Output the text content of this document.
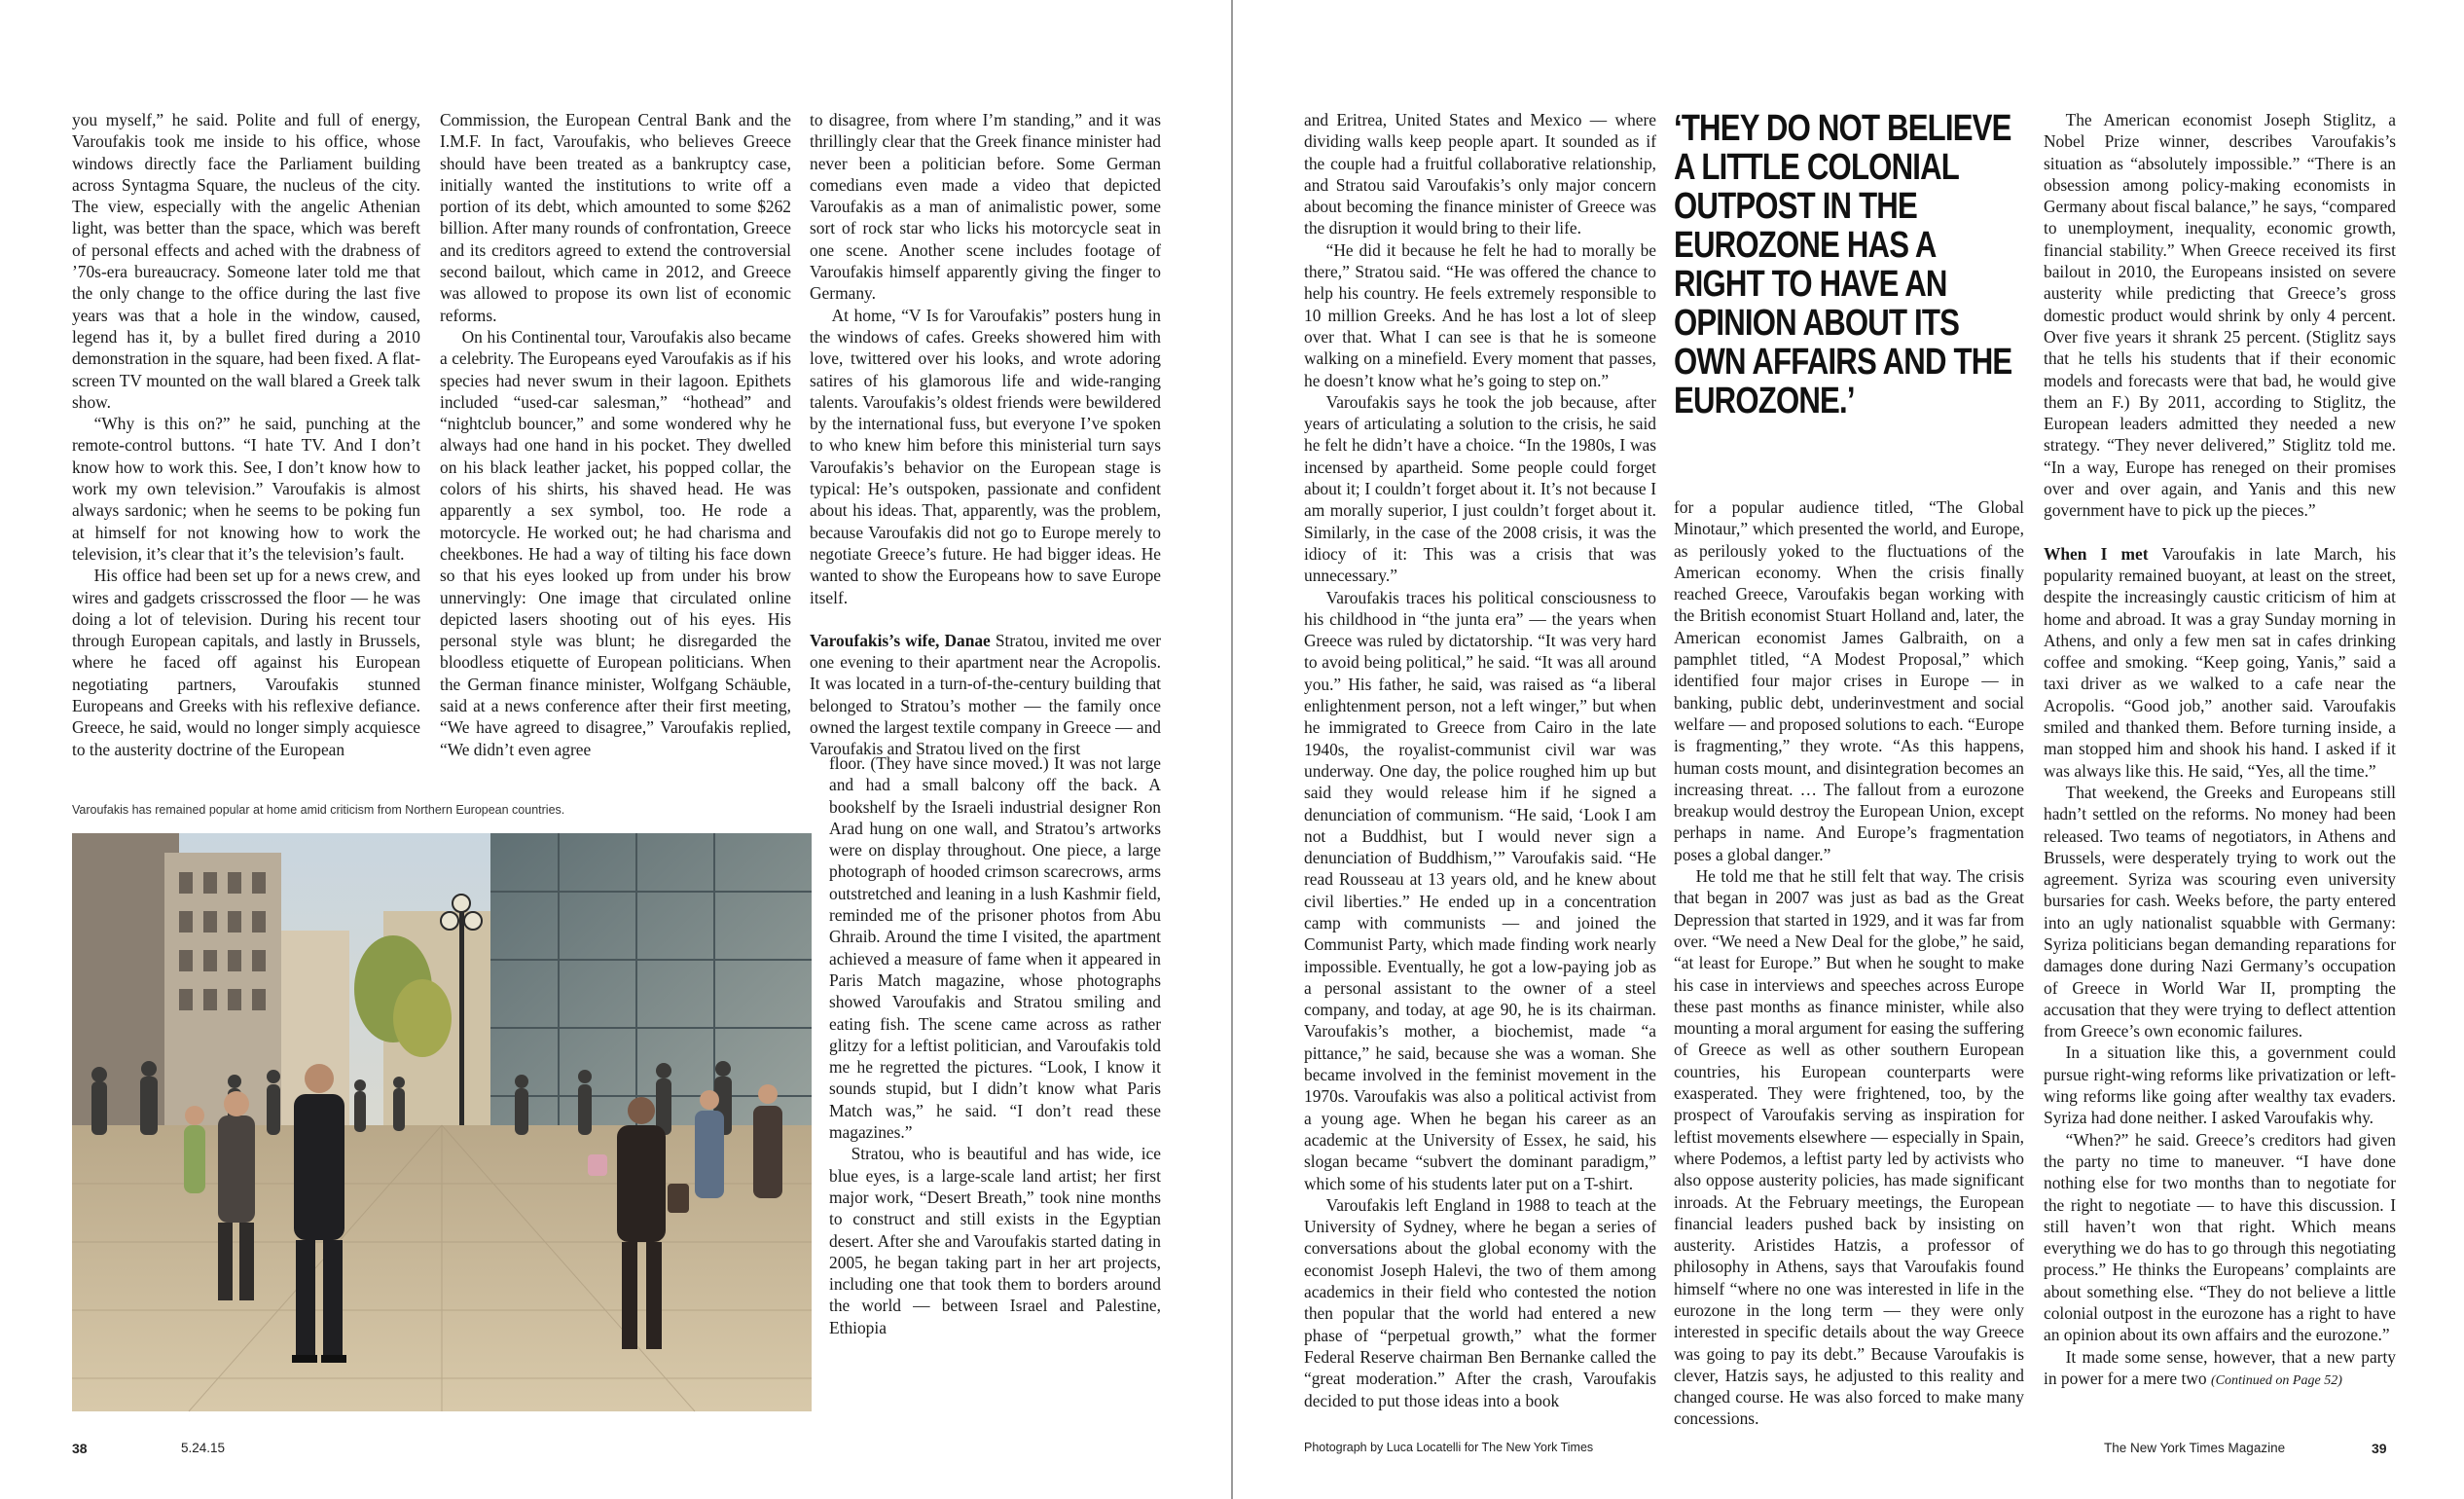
you myself,” he said. Polite and full of energy, Varoufakis took me inside to his office, whose windows directly face the Parliament building across Syntagma Square, the nucleus of the city. The view, especially with the angelic Athenian light, was better than the space, which was bereft of personal effects and ached with the drabness of ’70s-era bureaucracy. Someone later told me that the only change to the office during the last five years was that a hole in the window, caused, legend has it, by a bullet fired during a 2010 demonstration in the square, had been fixed. A flat-screen TV mounted on the wall blared a Greek talk show.

“Why is this on?” he said, punching at the remote-control buttons. “I hate TV. And I don’t know how to work this. See, I don’t know how to work my own television.” Varoufakis is almost always sardonic; when he seems to be poking fun at himself for not knowing how to work the television, it’s clear that it’s the television’s fault.

His office had been set up for a news crew, and wires and gadgets crisscrossed the floor — he was doing a lot of television. During his recent tour through European capitals, and lastly in Brussels, where he faced off against his European negotiating partners, Varoufakis stunned Europeans and Greeks with his reflexive defiance. Greece, he said, would no longer simply acquiesce to the austerity doctrine of the European

Commission, the European Central Bank and the I.M.F. In fact, Varoufakis, who believes Greece should have been treated as a bankruptcy case, initially wanted the institutions to write off a portion of its debt, which amounted to some $262 billion. After many rounds of confrontation, Greece and its creditors agreed to extend the controversial second bailout, which came in 2012, and Greece was allowed to propose its own list of economic reforms.

On his Continental tour, Varoufakis also became a celebrity. The Europeans eyed Varoufakis as if his species had never swum in their lagoon. Epithets included “used-car salesman,” “hothead” and “nightclub bouncer,” and some wondered why he always had one hand in his pocket. They dwelled on his black leather jacket, his popped collar, the colors of his shirts, his shaved head. He was apparently a sex symbol, too. He rode a motorcycle. He worked out; he had charisma and cheekbones. He had a way of tilting his face down so that his eyes looked up from under his brow unnervingly: One image that circulated online depicted lasers shooting out of his eyes. His personal style was blunt; he disregarded the bloodless etiquette of European politicians. When the German finance minister, Wolfgang Schäuble, said at a news conference after their first meeting, “We have agreed to disagree,” Varoufakis replied, “We didn’t even agree

to disagree, from where I’m standing,” and it was thrillingly clear that the Greek finance minister had never been a politician before. Some German comedians even made a video that depicted Varoufakis as a man of animalistic power, some sort of rock star who licks his motorcycle seat in one scene. Another scene includes footage of Varoufakis himself apparently giving the finger to Germany.

At home, “V Is for Varoufakis” posters hung in the windows of cafes. Greeks showered him with love, twittered over his looks, and wrote adoring satires of his glamorous life and wide-ranging talents. Varoufakis’s oldest friends were bewildered by the international fuss, but everyone I’ve spoken to who knew him before this ministerial turn says Varoufakis’s behavior on the European stage is typical: He’s outspoken, passionate and confident about his ideas. That, apparently, was the problem, because Varoufakis did not go to Europe merely to negotiate Greece’s future. He had bigger ideas. He wanted to show the Europeans how to save Europe itself.

Varoufakis’s wife, Danae Stratou, invited me over one evening to their apartment near the Acropolis. It was located in a turn-of-the-century building that belonged to Stratou’s mother — the family once owned the largest textile company in Greece — and Varoufakis and Stratou lived on the first

floor. (They have since moved.) It was not large and had a small balcony off the back. A bookshelf by the Israeli industrial designer Ron Arad hung on one wall, and Stratou’s artworks were on display throughout. One piece, a large photograph of hooded crimson scarecrows, arms outstretched and leaning in a lush Kashmir field, reminded me of the prisoner photos from Abu Ghraib. Around the time I visited, the apartment achieved a measure of fame when it appeared in Paris Match magazine, whose photographs showed Varoufakis and Stratou smiling and eating fish. The scene came across as rather glitzy for a leftist politician, and Varoufakis told me he regretted the pictures. “Look, I know it sounds stupid, but I didn’t know what Paris Match was,” he said. “I don’t read these magazines.”

Stratou, who is beautiful and has wide, ice blue eyes, is a large-scale land artist; her first major work, “Desert Breath,” took nine months to construct and still exists in the Egyptian desert. After she and Varoufakis started dating in 2005, he began taking part in her art projects, including one that took them to borders around the world — between Israel and Palestine, Ethiopia

Varoufakis has remained popular at home amid criticism from Northern European countries.
38	5.24.15

and Eritrea, United States and Mexico — where dividing walls keep people apart. It sounded as if the couple had a fruitful collaborative relationship, and Stratou said Varoufakis’s only major concern about becoming the finance minister of Greece was the disruption it would bring to their life.

“He did it because he felt he had to morally be there,” Stratou said. “He was offered the chance to help his country. He feels extremely responsible to 10 million Greeks. And he has lost a lot of sleep over that. What I can see is that he is someone walking on a minefield. Every moment that passes, he doesn’t know what he’s going to step on.”

Varoufakis says he took the job because, after years of articulating a solution to the crisis, he said he felt he didn’t have a choice. “In the 1980s, I was incensed by apartheid. Some people could forget about it; I couldn’t forget about it. It’s not because I am morally superior, I just couldn’t forget about it. Similarly, in the case of the 2008 crisis, it was the idiocy of it: This was a crisis that was unnecessary.”

Varoufakis traces his political consciousness to his childhood in “the junta era” — the years when Greece was ruled by dictatorship. “It was very hard to avoid being political,” he said. “It was all around you.” His father, he said, was raised as “a liberal enlightenment person, not a left winger,” but when he immigrated to Greece from Cairo in the late 1940s, the royalist-communist civil war was underway. One day, the police roughed him up but said they would release him if he signed a denunciation of communism. “He said, ‘Look I am not a Buddhist, but I would never sign a denunciation of Buddhism,’” Varoufakis said. “He read Rousseau at 13 years old, and he knew about civil liberties.” He ended up in a concentration camp with communists — and joined the Communist Party, which made finding work nearly impossible. Eventually, he got a low-paying job as a personal assistant to the owner of a steel company, and today, at age 90, he is its chairman. Varoufakis’s mother, a biochemist, made “a pittance,” he said, because she was a woman. She became involved in the feminist movement in the 1970s. Varoufakis was also a political activist from a young age. When he began his career as an academic at the University of Essex, he said, his slogan became “subvert the dominant paradigm,” which some of his students later put on a T-shirt.

Varoufakis left England in 1988 to teach at the University of Sydney, where he began a series of conversations about the global economy with the economist Joseph Halevi, the two of them among academics in their field who contested the notion then popular that the world had entered a new phase of “perpetual growth,” what the former Federal Reserve chairman Ben Bernanke called the “great moderation.” After the crash, Varoufakis decided to put those ideas into a book

‘THEY DO NOT BELIEVE A LITTLE COLONIAL OUTPOST IN THE EUROZONE HAS A RIGHT TO HAVE AN OPINION ABOUT ITS OWN AFFAIRS AND THE EUROZONE.’

for a popular audience titled, “The Global Minotaur,” which presented the world, and Europe, as perilously yoked to the fluctuations of the American economy. When the crisis finally reached Greece, Varoufakis began working with the British economist Stuart Holland and, later, the American economist James Galbraith, on a pamphlet titled, “A Modest Proposal,” which identified four major crises in Europe — in banking, public debt, underinvestment and social welfare — and proposed solutions to each. “Europe is fragmenting,” they wrote. “As this happens, human costs mount, and disintegration becomes an increasing threat. … The fallout from a eurozone breakup would destroy the European Union, except perhaps in name. And Europe’s fragmentation poses a global danger.”

He told me that he still felt that way. The crisis that began in 2007 was just as bad as the Great Depression that started in 1929, and it was far from over. “We need a New Deal for the globe,” he said, “at least for Europe.” But when he sought to make his case in interviews and speeches across Europe these past months as finance minister, while also mounting a moral argument for easing the suffering of Greece as well as other southern European countries, his European counterparts were exasperated. They were frightened, too, by the prospect of Varoufakis serving as inspiration for leftist movements elsewhere — especially in Spain, where Podemos, a leftist party led by activists who also oppose austerity policies, has made significant inroads. At the February meetings, the European financial leaders pushed back by insisting on austerity. Aristides Hatzis, a professor of philosophy in Athens, says that Varoufakis found himself “where no one was interested in life in the eurozone in the long term — they were only interested in specific details about the way Greece was going to pay its debt.” Because Varoufakis is clever, Hatzis says, he adjusted to this reality and changed course. He was also forced to make many concessions.

The American economist Joseph Stiglitz, a Nobel Prize winner, describes Varoufakis’s situation as “absolutely impossible.” “There is an obsession among policy-making economists in Germany about fiscal balance,” he says, “compared to unemployment, inequality, economic growth, financial stability.” When Greece received its first bailout in 2010, the Europeans insisted on severe austerity while predicting that Greece’s gross domestic product would shrink by only 4 percent. Over five years it shrank 25 percent. (Stiglitz says that he tells his students that if their economic models and forecasts were that bad, he would give them an F.) By 2011, according to Stiglitz, the European leaders admitted they needed a new strategy. “They never delivered,” Stiglitz told me. “In a way, Europe has reneged on their promises over and over again, and Yanis and this new government have to pick up the pieces.”

When I met Varoufakis in late March, his popularity remained buoyant, at least on the street, despite the increasingly caustic criticism of him at home and abroad. It was a gray Sunday morning in Athens, and only a few men sat in cafes drinking coffee and smoking. “Keep going, Yanis,” said a taxi driver as we walked to a cafe near the Acropolis. “Good job,” another said. Varoufakis smiled and thanked them. Before turning inside, a man stopped him and shook his hand. I asked if it was always like this. He said, “Yes, all the time.”

That weekend, the Greeks and Europeans still hadn’t settled on the reforms. No money had been released. Two teams of negotiators, in Athens and Brussels, were desperately trying to work out the agreement. Syriza was scouring even university bursaries for cash. Weeks before, the party entered into an ugly nationalist squabble with Germany: Syriza politicians began demanding reparations for damages done during Nazi Germany’s occupation of Greece in World War II, prompting the accusation that they were trying to deflect attention from Greece’s own economic failures.

In a situation like this, a government could pursue right-wing reforms like privatization or left-wing reforms like going after wealthy tax evaders. Syriza had done neither. I asked Varoufakis why.

“When?” he said. Greece’s creditors had given the party no time to maneuver. “I have done nothing else for two months than to negotiate for the right to negotiate — to have this discussion. I still haven’t won that right. Which means everything we do has to go through this negotiating process.” He thinks the Europeans’ complaints are about something else. “They do not believe a little colonial outpost in the eurozone has a right to have an opinion about its own affairs and the eurozone.”

It made some sense, however, that a new party in power for a mere two (Continued on Page 52)

Photograph by Luca Locatelli for The New York Times	The New York Times Magazine	39
